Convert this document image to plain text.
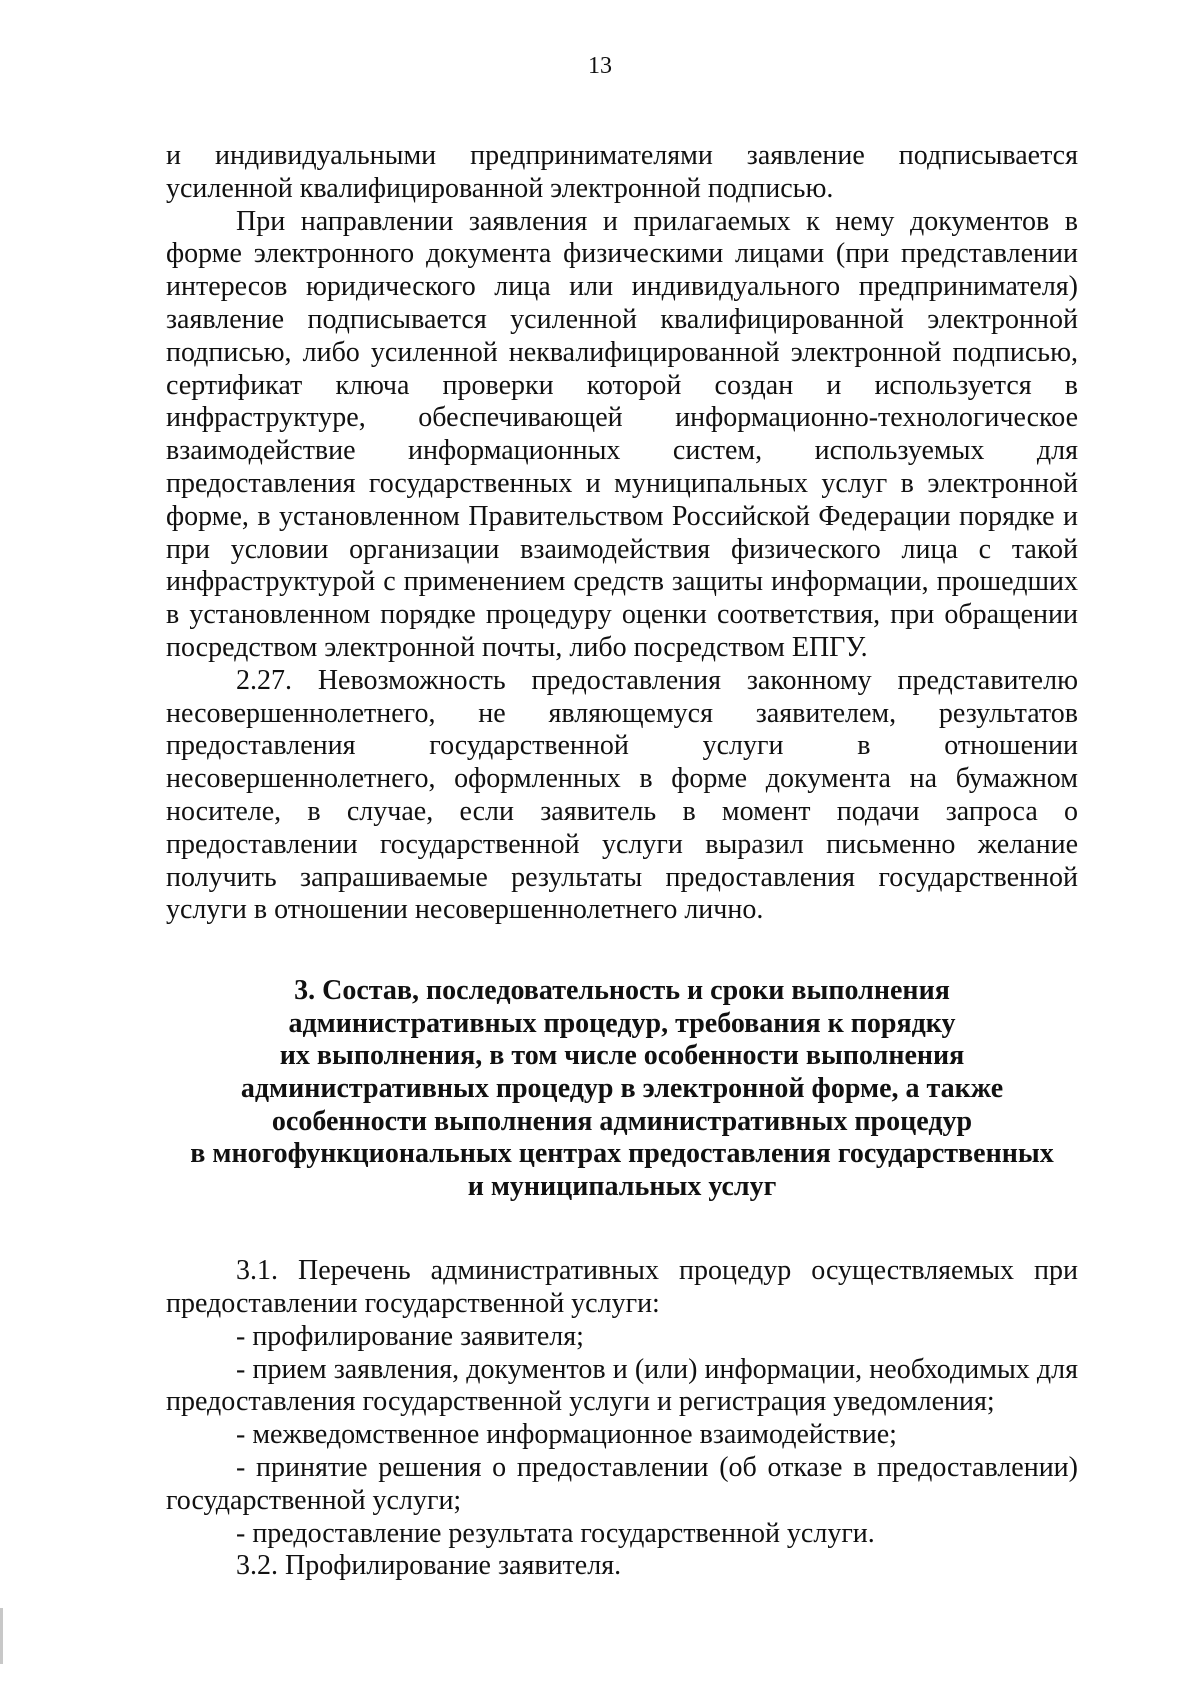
13

и индивидуальными предпринимателями заявление подписывается усиленной квалифицированной электронной подписью.

При направлении заявления и прилагаемых к нему документов в форме электронного документа физическими лицами (при представлении интересов юридического лица или индивидуального предпринимателя) заявление подписывается усиленной квалифицированной электронной подписью, либо усиленной неквалифицированной электронной подписью, сертификат ключа проверки которой создан и используется в инфраструктуре, обеспечивающей информационно-технологическое взаимодействие информационных систем, используемых для предоставления государственных и муниципальных услуг в электронной форме, в установленном Правительством Российской Федерации порядке и при условии организации взаимодействия физического лица с такой инфраструктурой с применением средств защиты информации, прошедших в установленном порядке процедуру оценки соответствия, при обращении посредством электронной почты, либо посредством ЕПГУ.

2.27. Невозможность предоставления законному представителю несовершеннолетнего, не являющемуся заявителем, результатов предоставления государственной услуги в отношении несовершеннолетнего, оформленных в форме документа на бумажном носителе, в случае, если заявитель в момент подачи запроса о предоставлении государственной услуги выразил письменно желание получить запрашиваемые результаты предоставления государственной услуги в отношении несовершеннолетнего лично.

3. Состав, последовательность и сроки выполнения
административных процедур, требования к порядку
их выполнения, в том числе особенности выполнения
административных процедур в электронной форме, а также
особенности выполнения административных процедур
в многофункциональных центрах предоставления государственных
и муниципальных услуг

3.1. Перечень административных процедур осуществляемых при предоставлении государственной услуги:

- профилирование заявителя;

- прием заявления, документов и (или) информации, необходимых для предоставления государственной услуги и регистрация уведомления;

- межведомственное информационное взаимодействие;

- принятие решения о предоставлении (об отказе в предоставлении) государственной услуги;

- предоставление результата государственной услуги.

3.2. Профилирование заявителя.
